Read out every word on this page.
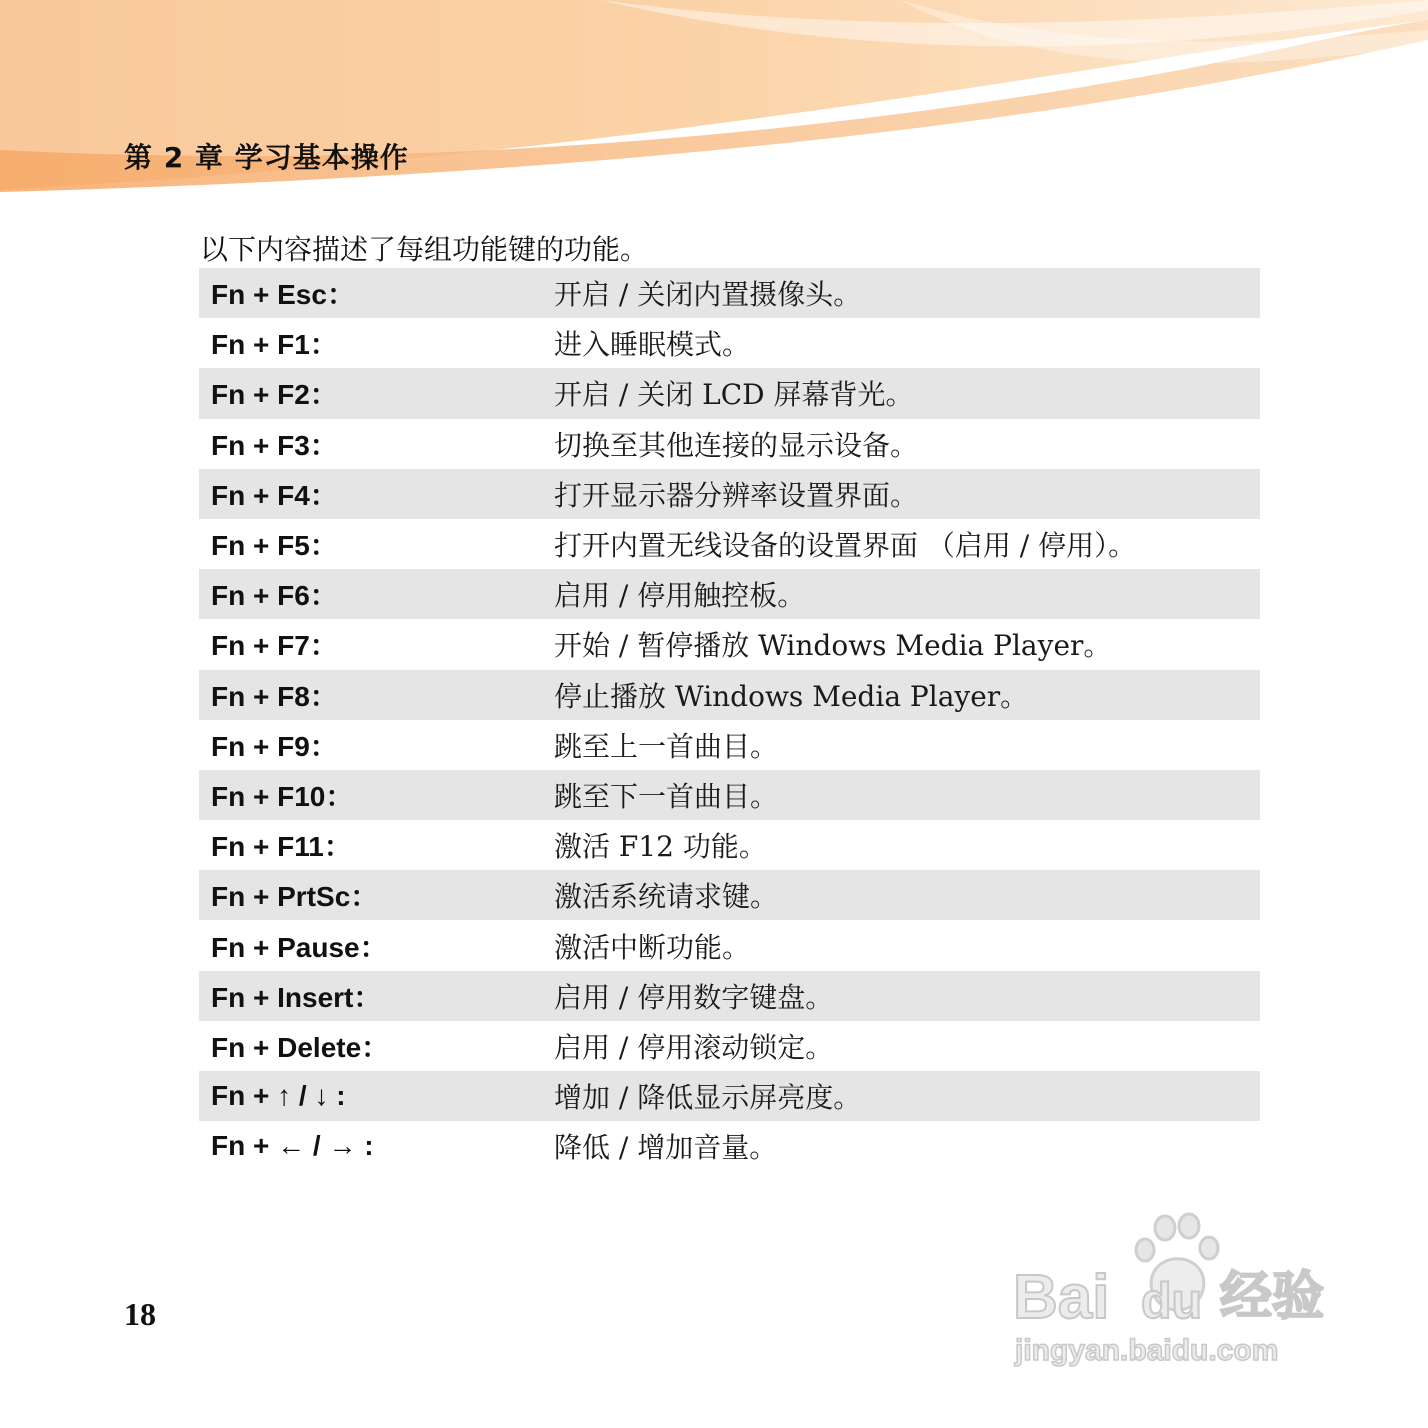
第 2 章 学习基本操作
以下内容描述了每组功能键的功能。
Fn + Esc：	开启 / 关闭内置摄像头。
Fn + F1：	进入睡眠模式。
Fn + F2：	开启 / 关闭 LCD 屏幕背光。
Fn + F3：	切换至其他连接的显示设备。
Fn + F4：	打开显示器分辨率设置界面。
Fn + F5：	打开内置无线设备的设置界面 （启用 / 停用）。
Fn + F6：	启用 / 停用触控板。
Fn + F7：	开始 / 暂停播放 Windows Media Player。
Fn + F8：	停止播放 Windows Media Player。
Fn + F9：	跳至上一首曲目。
Fn + F10：	跳至下一首曲目。
Fn + F11：	激活 F12 功能。
Fn + PrtSc：	激活系统请求键。
Fn + Pause：	激活中断功能。
Fn + Insert：	启用 / 停用数字键盘。
Fn + Delete：	启用 / 停用滚动锁定。
Fn + ↑ / ↓ :	增加 / 降低显示屏亮度。
Fn + ← / → :	降低 / 增加音量。
18	Bai du 经验
jingyan.baidu.com
